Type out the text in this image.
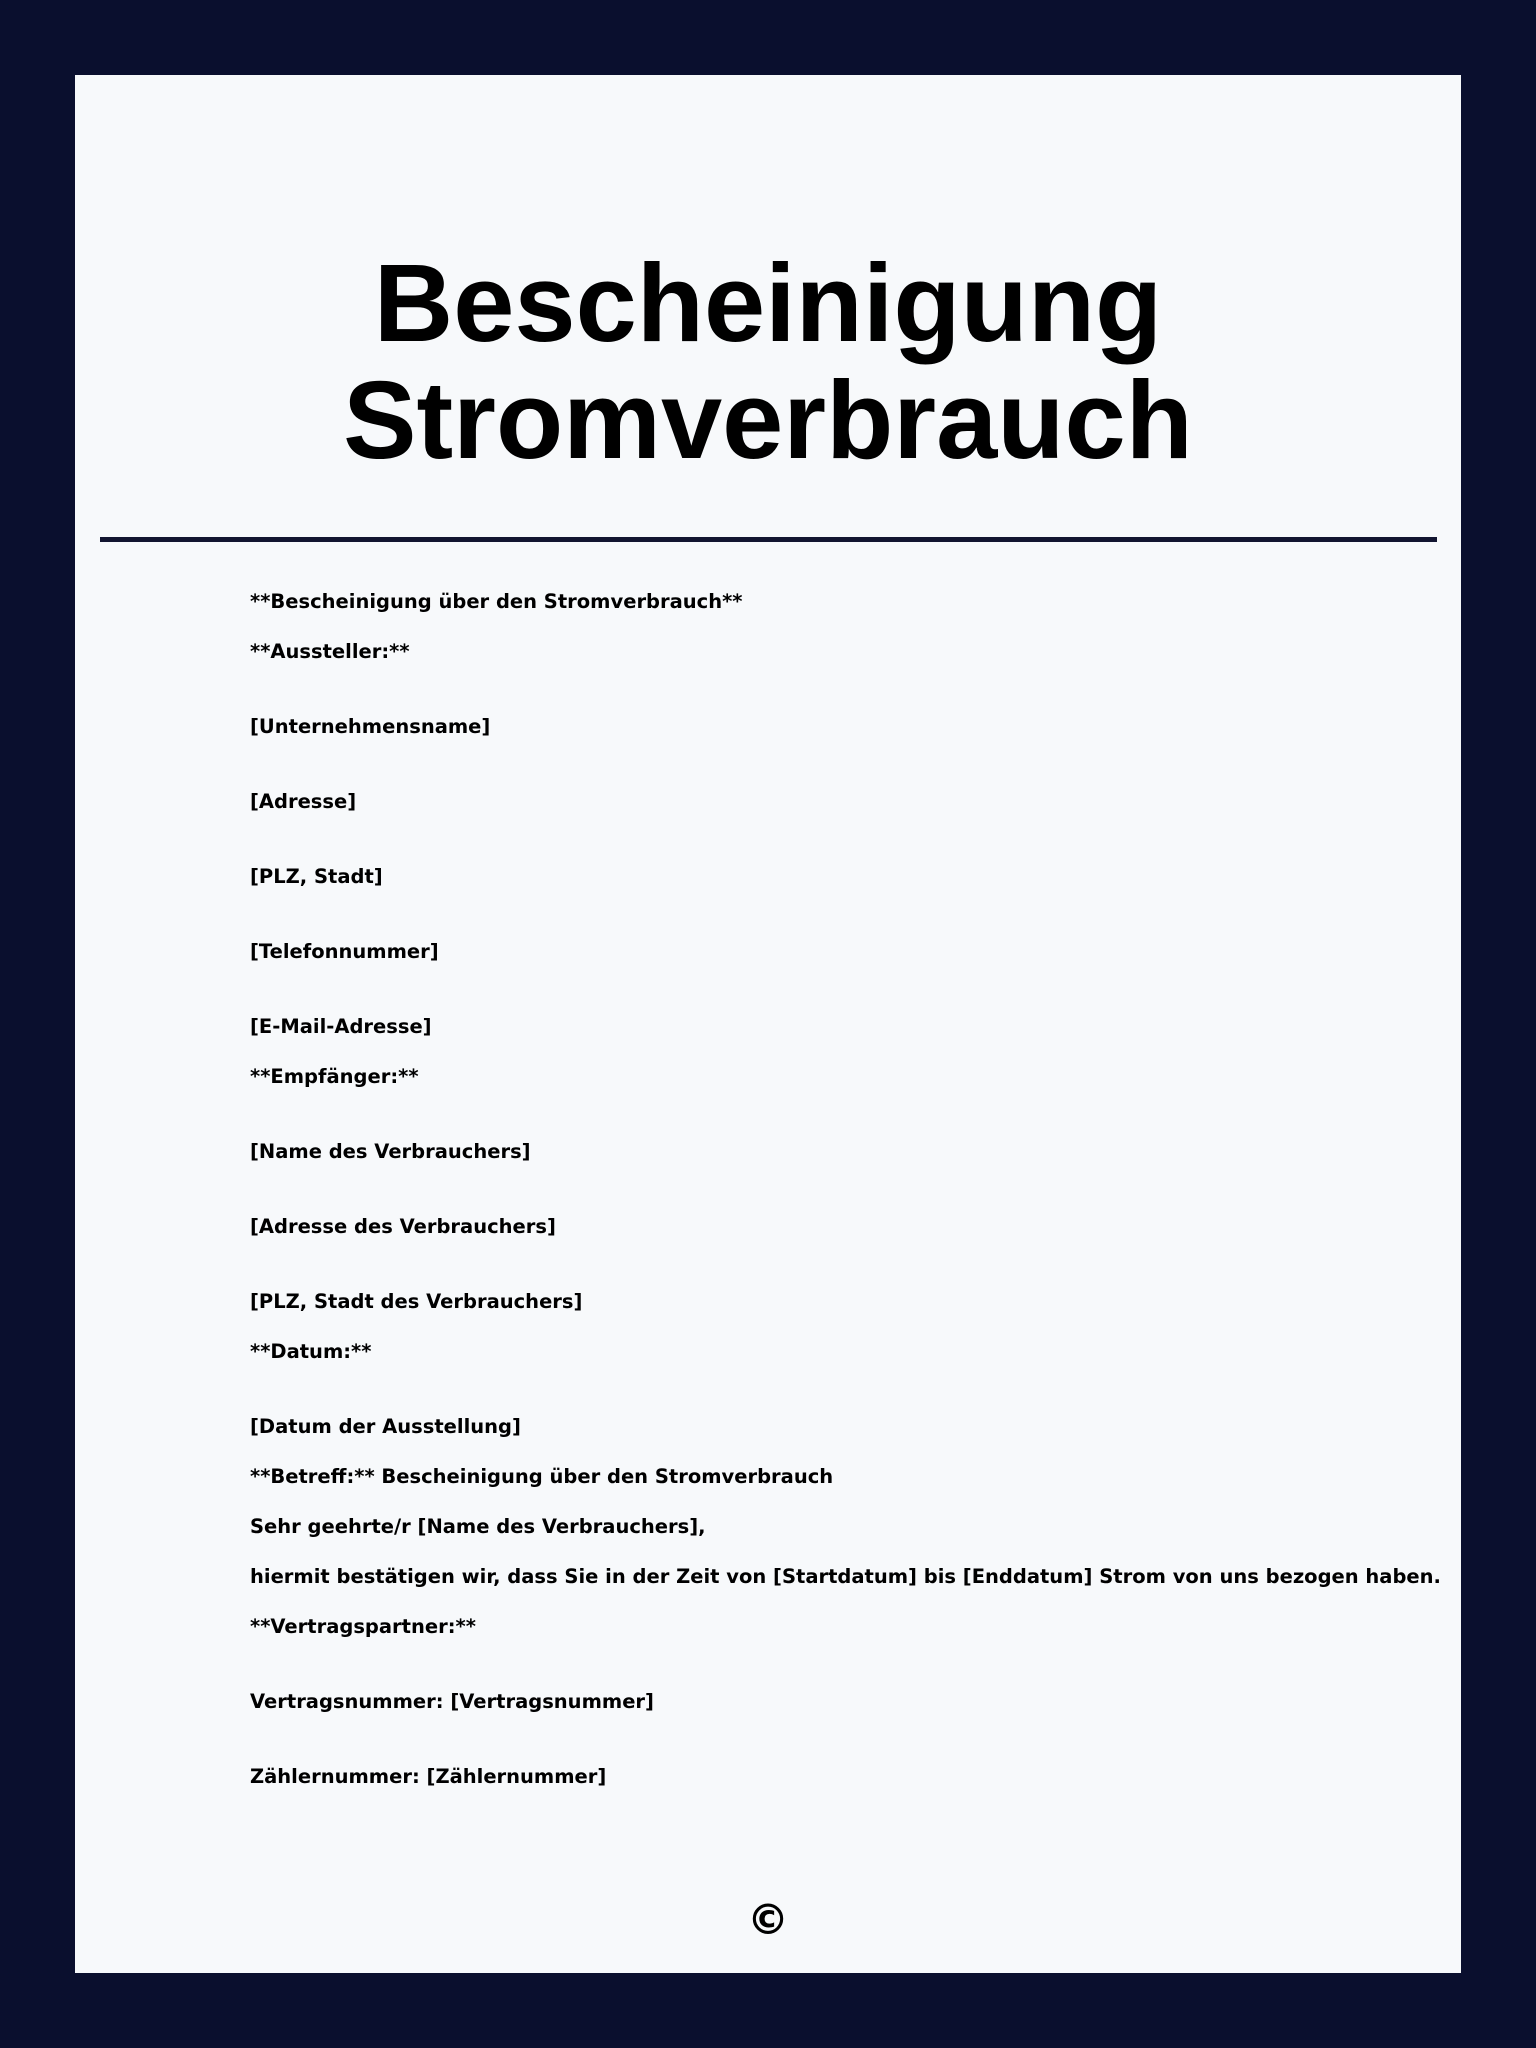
Bescheinigung
Stromverbrauch
**Bescheinigung über den Stromverbrauch**
**Aussteller:**
[Unternehmensname]
[Adresse]
[PLZ, Stadt]
[Telefonnummer]
[E-Mail-Adresse]
**Empfänger:**
[Name des Verbrauchers]
[Adresse des Verbrauchers]
[PLZ, Stadt des Verbrauchers]
**Datum:**
[Datum der Ausstellung]
**Betreff:** Bescheinigung über den Stromverbrauch
Sehr geehrte/r [Name des Verbrauchers],
hiermit bestätigen wir, dass Sie in der Zeit von [Startdatum] bis [Enddatum] Strom von uns bezogen haben.
**Vertragspartner:**
Vertragsnummer: [Vertragsnummer]
Zählernummer: [Zählernummer]
©
